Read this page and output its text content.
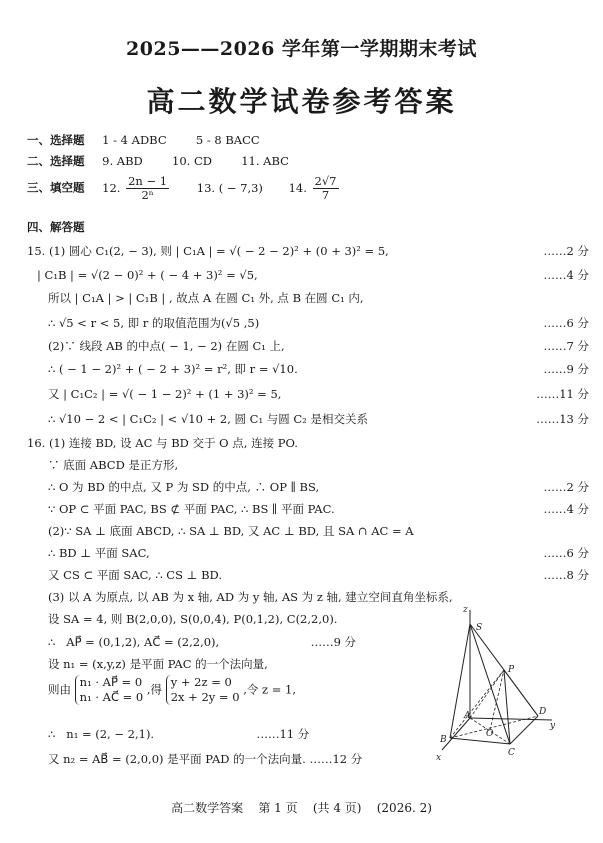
2025——2026 学年第一学期期末考试
高二数学试卷参考答案
一、选择题 1 - 4 ADBC        5 - 8 BACC
二、选择题 9. ABD        10. CD        11. ABC
三、填空题 12. $\frac{2n - 1}{\text{2ⁿ}} 13$. ( − 7,3) 14. $\frac{2√7}{7}$
四、解答题
15. (1) 圆心 C₁(2, − 3), 则 | C₁A | = √( − 2 − 2)² + (0 + 3)² = 5,	……2 分
| C₁B | = √(2 − 0)² + ( − 4 + 3)² = √5,	……4 分
所以 | C₁A | > | C₁B | , 故点 A 在圆 C₁ 外, 点 B 在圆 C₁ 内,
∴ √5 < r < 5, 即 r 的取值范围为(√5 ,5)	……6 分
(2)∵ 线段 AB 的中点( − 1, − 2) 在圆 C₁ 上,	……7 分
∴ ( − 1 − 2)² + ( − 2 + 3)² = r², 即 r = √10.	……9 分
又 | C₁C₂ | = √( − 1 − 2)² + (1 + 3)² = 5,	……11 分
∴ √10 − 2 < | C₁C₂ | < √10 + 2, 圆 C₁ 与圆 C₂ 是相交关系	……13 分
16. (1) 连接 BD, 设 AC 与 BD 交于 O 点, 连接 PO.
∵ 底面 ABCD 是正方形,
∴ O 为 BD 的中点, 又 P 为 SD 的中点, ∴ OP ∥ BS,	……2 分
∵ OP ⊂ 平面 PAC, BS ⊄ 平面 PAC, ∴ BS ∥ 平面 PAC.	……4 分
(2)∵ SA ⊥ 底面 ABCD, ∴ SA ⊥ BD, 又 AC ⊥ BD, 且 SA ∩ AC = A
∴ BD ⊥ 平面 SAC,	……6 分
又 CS ⊂ 平面 SAC, ∴ CS ⊥ BD.	……8 分
(3) 以 A 为原点, 以 AB 为 x 轴, AD 为 y 轴, AS 为 z 轴, 建立空间直角坐标系,
设 SA = 4, 则 B(2,0,0), S(0,0,4), P(0,1,2), C(2,2,0).
∴   AP⃗ = (0,1,2), AC⃗ = (2,2,0),                         ……9 分
设 n₁ = (x,y,z) 是平面 PAC 的一个法向量,
则由
n₁ · AP⃗ = 0
n₁ · AC⃗ = 0
,得
y + 2z = 0
2x + 2y = 0
,令 z = 1,
∴   n₁ = (2, − 2,1).                            ……11 分
又 n₂ = AB⃗ = (2,0,0) 是平面 PAD 的一个法向量. ……12 分
z
S
P
A
O
D
y
B
C
x
高二数学答案    第 1 页    (共 4 页)    (2026. 2)
